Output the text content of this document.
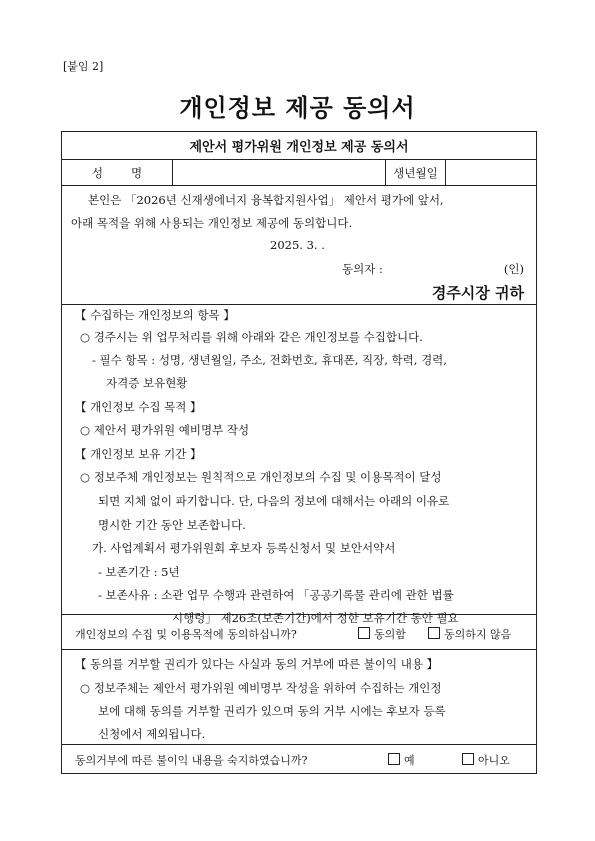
[붙임 2]
개인정보 제공 동의서
제안서 평가위원 개인정보 제공 동의서
성명	생년월일
본인은 「2026년 신재생에너지 융복합지원사업」 제안서 평가에 앞서,
아래 목적을 위해 사용되는 개인정보 제공에 동의합니다.
2025. 3. .
동의자 :	(인)
경주시장 귀하
【 수집하는 개인정보의 항목 】
○ 경주시는 위 업무처리를 위해 아래와 같은 개인정보를 수집합니다.
- 필수 항목 : 성명, 생년월일, 주소, 전화번호, 휴대폰, 직장, 학력, 경력,
자격증 보유현황
【 개인정보 수집 목적 】
○ 제안서 평가위원 예비명부 작성
【 개인정보 보유 기간 】
○ 정보주체 개인정보는 원칙적으로 개인정보의 수집 및 이용목적이 달성
되면 지체 없이 파기합니다. 단, 다음의 정보에 대해서는 아래의 이유로
명시한 기간 동안 보존합니다.
가. 사업계획서 평가위원회 후보자 등록신청서 및 보안서약서
- 보존기간 : 5년
- 보존사유 : 소관 업무 수행과 관련하여 「공공기록물 관리에 관한 법률
시행령」 제26조(보존기간)에서 정한 보유기간 동안 필요
개인정보의 수집 및 이용목적에 동의하십니까?	동의함	동의하지 않음
【 동의를 거부할 권리가 있다는 사실과 동의 거부에 따른 불이익 내용 】
○ 정보주체는 제안서 평가위원 예비명부 작성을 위하여 수집하는 개인정
보에 대해 동의를 거부할 권리가 있으며 동의 거부 시에는 후보자 등록
신청에서 제외됩니다.
동의거부에 따른 불이익 내용을 숙지하였습니까?	예	아니오
